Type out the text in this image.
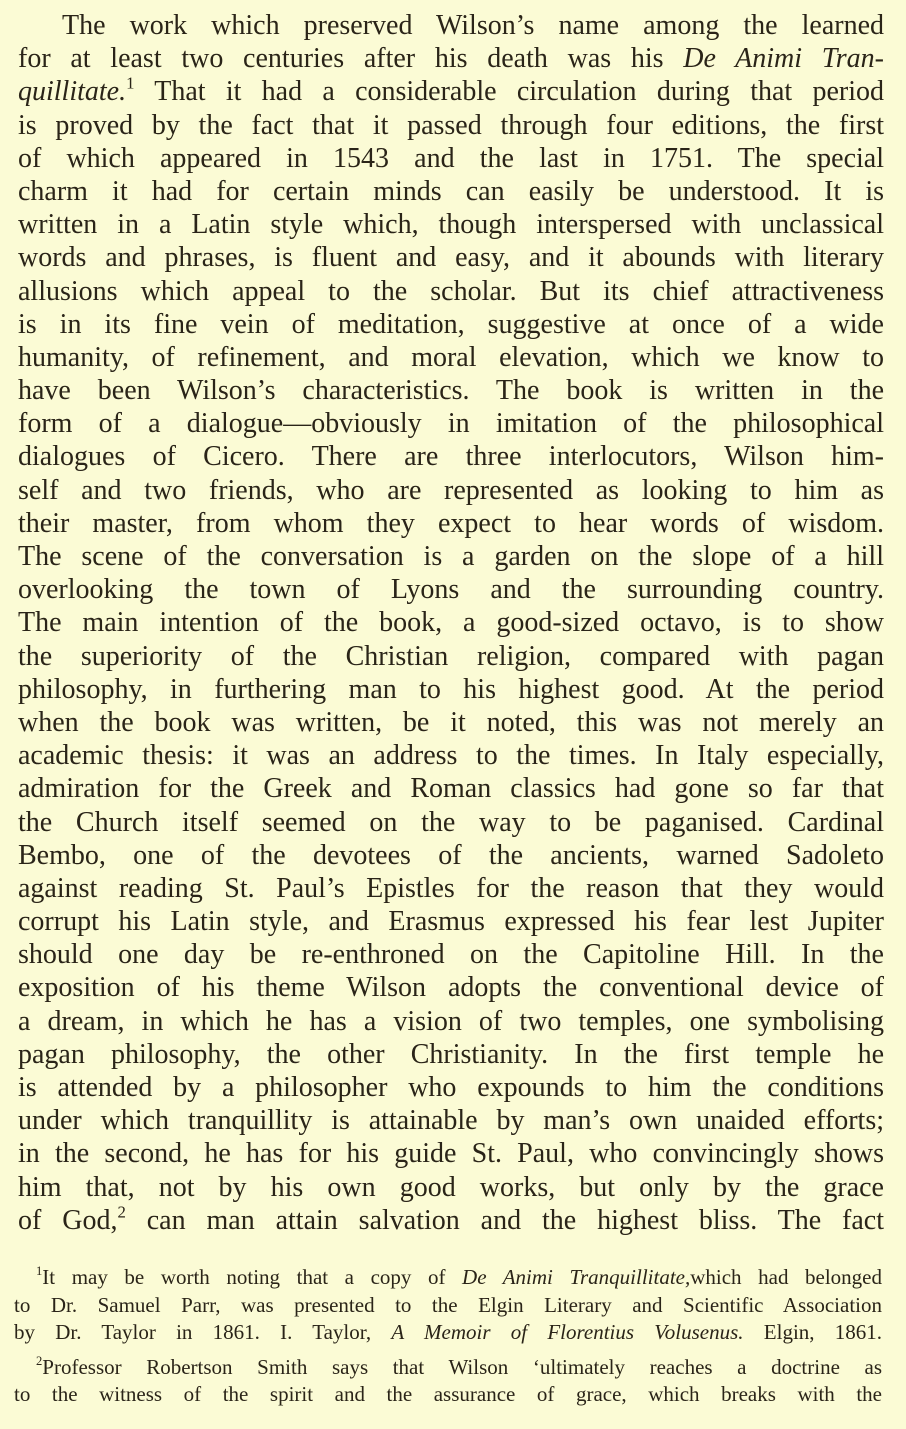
The work which preserved Wilson’s name among the learned
for at least two centuries after his death was his De Animi Tran-
quillitate.$^1$ That it had a considerable circulation during that period
is proved by the fact that it passed through four editions, the first
of which appeared in 1543 and the last in 1751. The special
charm it had for certain minds can easily be understood. It is
written in a Latin style which, though interspersed with unclassical
words and phrases, is fluent and easy, and it abounds with literary
allusions which appeal to the scholar. But its chief attractiveness
is in its fine vein of meditation, suggestive at once of a wide
humanity, of refinement, and moral elevation, which we know to
have been Wilson’s characteristics. The book is written in the
form of a dialogue—obviously in imitation of the philosophical
dialogues of Cicero. There are three interlocutors, Wilson him-
self and two friends, who are represented as looking to him as
their master, from whom they expect to hear words of wisdom.
The scene of the conversation is a garden on the slope of a hill
overlooking the town of Lyons and the surrounding country.
The main intention of the book, a good-sized octavo, is to show
the superiority of the Christian religion, compared with pagan
philosophy, in furthering man to his highest good. At the period
when the book was written, be it noted, this was not merely an
academic thesis: it was an address to the times. In Italy especially,
admiration for the Greek and Roman classics had gone so far that
the Church itself seemed on the way to be paganised. Cardinal
Bembo, one of the devotees of the ancients, warned Sadoleto
against reading St. Paul’s Epistles for the reason that they would
corrupt his Latin style, and Erasmus expressed his fear lest Jupiter
should one day be re-enthroned on the Capitoline Hill. In the
exposition of his theme Wilson adopts the conventional device of
a dream, in which he has a vision of two temples, one symbolising
pagan philosophy, the other Christianity. In the first temple he
is attended by a philosopher who expounds to him the conditions
under which tranquillity is attainable by man’s own unaided efforts;
in the second, he has for his guide St. Paul, who convincingly shows
him that, not by his own good works, but only by the grace
of God,$^2$ can man attain salvation and the highest bliss. The fact
$^1$It may be worth noting that a copy of De Animi Tranquillitate,which had belonged
to Dr. Samuel Parr, was presented to the Elgin Literary and Scientific Association
by Dr. Taylor in 1861. I. Taylor, A Memoir of Florentius Volusenus. Elgin, 1861.
$^2$Professor Robertson Smith says that Wilson ‘ultimately reaches a doctrine as
to the witness of the spirit and the assurance of grace, which breaks with the
